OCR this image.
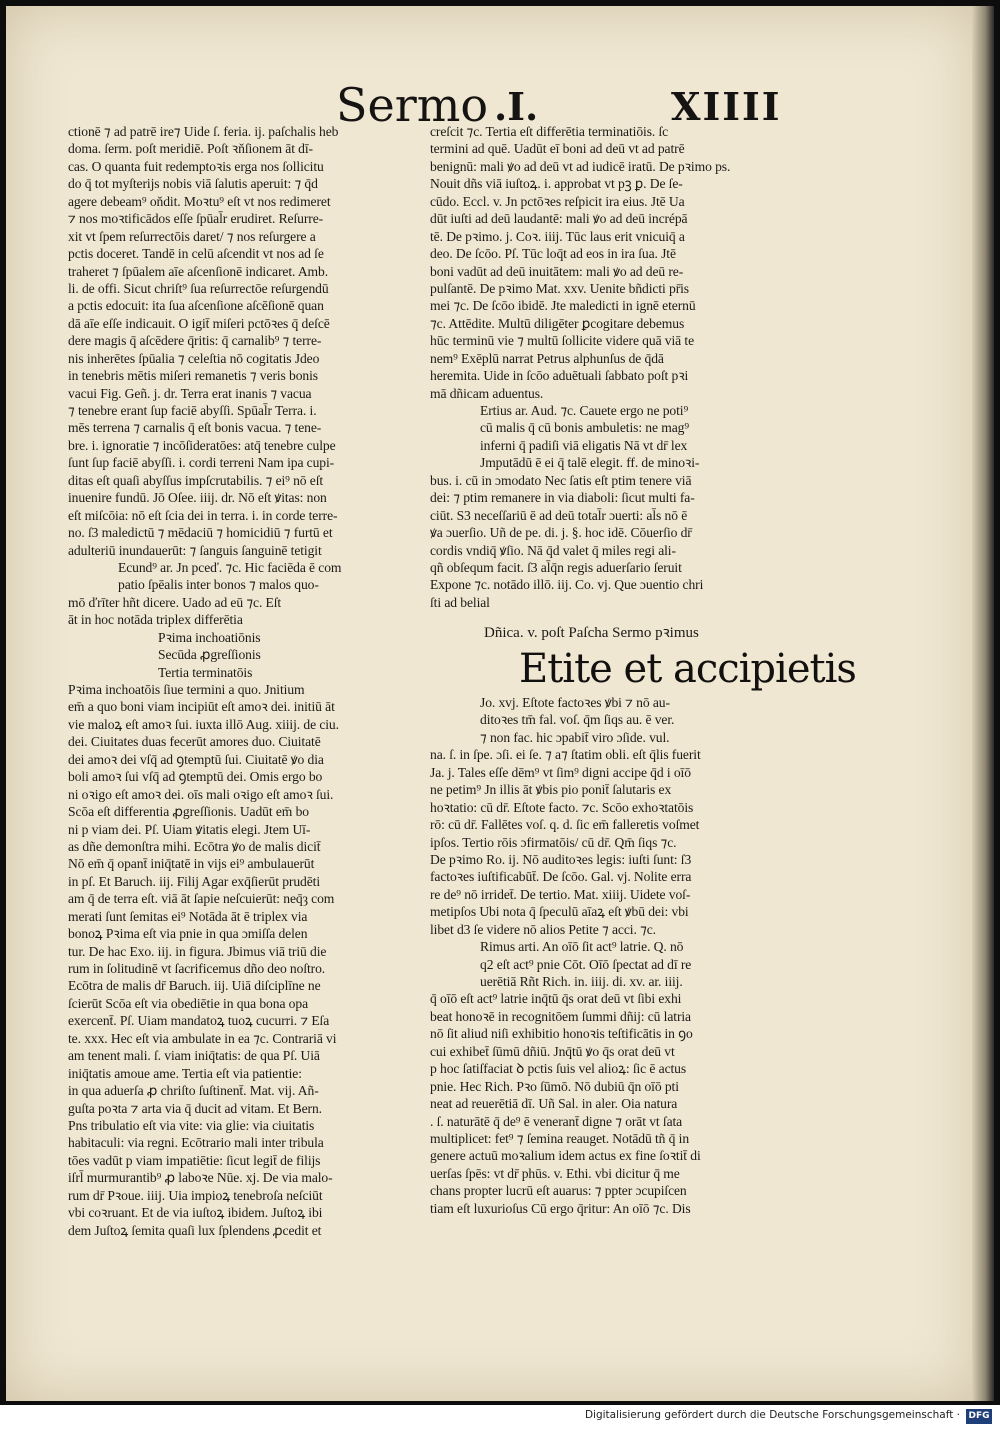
Sermo .I.	XIIII
ctionē ⁊ ad patrē ire⁊ Uide ſ. feria. ij. paſchalis heb
doma. ſerm. poſt meridiē. Poſt ꝛňſionem āt dī-
cas. O quanta fuit redemptoꝛis erga nos ſollicitu
do q̄ tot myſterijs nobis viā ſalutis aperuit: ⁊ q̄d
agere debeam⁹ oňdit. Moꝛtu⁹ eſt vt nos redimeret
⁊ nos moꝛtificādos eſſe ſpūal̄r erudiret. Reſurre-
xit vt ſpem reſurrectōis daret/ ⁊ nos reſurgere a
pctis doceret. Tandē in celū aſcendit vt nos ad ſe
traheret ⁊ ſpūalem aīe aſcenſionē indicaret. Amb.
li. de offi. Sicut chriſt⁹ ſua reſurrectōe reſurgendū
a pctis edocuit: ita ſua aſcenſione aſcēſionē quan
dā aīe eſſe indicauit. O igit̄ miſeri pctōꝛes q̄ deſcē
dere magis q̄ aſcēdere q̄ritis: q̄ carnalib⁹ ⁊ terre-
nis inherētes ſpūalia ⁊ celeſtia nō cogitatis Jdeo
in tenebris mētis miſeri remanetis ⁊ veris bonis
vacui Fig. Geñ. j. dr. Terra erat inanis ⁊ vacua
⁊ tenebre erant ſup faciē abyſſi. Spūal̄r Terra. i.
mēs terrena ⁊ carnalis q̄ eſt bonis vacua. ⁊ tene-
bre. i. ignoratie ⁊ incōſideratōes: atq̄ tenebre culpe
ſunt ſup faciē abyſſi. i. cordi terreni Nam ipa cupi-
ditas eſt quaſi abyſſus impſcrutabilis. ⁊ ei⁹ nō eſt
inuenire fundū. Jō Oſee. iiij. dr. Nō eſt ꝟitas: non
eſt miſcōia: nō eſt ſcia dei in terra. i. in corde terre-
no. ſ3 maledictū ⁊ mēdaciū ⁊ homicidiū ⁊ furtū et
adulteriū inundauerūt: ⁊ ſanguis ſanguinē tetigit
Ecund⁹ ar. Jn pceď. ⁊c. Hic faciēda ē com
patio ſpēalis inter bonos ⁊ malos quo-
mō ďrīter hñt dicere. Uado ad eū ⁊c. Eſt
āt in hoc notāda triplex differētia
Pꝛima inchoatiōnis
Secūda ꝓgreſſionis
Tertia terminatōis
Pꝛima inchoatōis ſiue termini a quo. Jnitium
em̄ a quo boni viam incipiūt eſt amoꝛ dei. initiū āt
vie maloꝝ eſt amoꝛ ſui. iuxta illō Aug. xiiij. de ciu.
dei. Ciuitates duas fecerūt amores duo. Ciuitatē
dei amoꝛ dei vſq̄ ad ꝯtemptū ſui. Ciuitatē ꝟo dia
boli amoꝛ ſui vſq̄ ad ꝯtemptū dei. Omis ergo bo
ni oꝛigo eſt amoꝛ dei. oīs mali oꝛigo eſt amoꝛ ſui.
Scōa eſt differentia ꝓgreſſionis. Uadūt em̄ bo
ni p viam dei. Pſ. Uiam ꝟitatis elegi. Jtem Uī-
as dñe demonſtra mihi. Ecōtra ꝟo de malis dicit̄
Nō em̄ q̄ opant̄ iniq̄tatē in vijs ei⁹ ambulauerūt
in pſ. Et Baruch. iij. Filij Agar exq̄ſierūt prudēti
am q̄ de terra eſt. viā āt ſapie neſcuierūt: neq̄ȝ com
merati ſunt ſemitas ei⁹ Notāda āt ē triplex via
bonoꝝ Pꝛima eſt via pnie in qua ɔmiſſa delen
tur. De hac Exo. iij. in figura. Jbimus viā triū die
rum in ſolitudinē vt ſacrificemus dño deo noſtro.
Ecōtra de malis dr̄ Baruch. iij. Uiā diſciplīne ne
ſcierūt Scōa eſt via obediētie in qua bona opa
exercent̄. Pſ. Uiam mandatoꝝ tuoꝝ cucurri. ⁊ Eſa
te. xxx. Hec eſt via ambulate in ea ⁊c. Contrariā vi
am tenent mali. ſ. viam iniq̄tatis: de qua Pſ. Uiā
iniq̄tatis amoue ame. Tertia eſt via patientie:
in qua aduerſa ꝓ chriſto ſuſtinent̄. Mat. vij. Añ-
guſta poꝛta ⁊ arta via q̄ ducit ad vitam. Et Bern.
Pns tribulatio eſt via vite: via glie: via ciuitatis
habitaculi: via regni. Ecōtrario mali inter tribula
tōes vadūt p viam impatiētie: ſicut legit̄ de filijs
iſrl̄ murmurantib⁹ ꝓ laboꝛe Nūe. xj. De via malo-
rum dr̄ Pꝛoue. iiij. Uia impioꝝ tenebroſa neſciūt
vbi coꝛruant. Et de via iuſtoꝝ ibidem. Juſtoꝝ ibi
dem Juſtoꝝ ſemita quaſi lux ſplendens ꝓcedit et
creſcit ⁊c. Tertia eſt differētia terminatiōis. ſc
termini ad quē. Uadūt eī boni ad deū vt ad patrē
benignū: mali ꝟo ad deū vt ad iudicē iratū. De pꝛimo ps.
Nouit dñs viā iuſtoꝝ. i. approbat vt pꝫ ꝑ. De ſe-
cūdo. Eccl. v. Jn pctōꝛes reſpicit ira eius. Jtē Ua
dūt iuſti ad deū laudantē: mali ꝟo ad deū incrépā
tē. De pꝛimo. j. Coꝛ. iiij. Tūc laus erit vnicuiq̄ a
deo. De ſcōo. Pſ. Tūc loq̄t ad eos in ira ſua. Jtē
boni vadūt ad deū inuitātem: mali ꝟo ad deū re-
pulſantē. De pꝛimo Mat. xxv. Uenite bñdicti pr̄is
mei ⁊c. De ſcōo ibidē. Jte maledicti in ignē eternū
⁊c. Attēdite. Multū diligēter ꝑcogitare debemus
hūc terminū vie ⁊ multū ſollicite videre quā viā te
nem⁹ Exēplū narrat Petrus alphunſus de q̄dā
heremita. Uide in ſcōo aduētuali ſabbato poſt pꝛi
mā dñicam aduentus.
Ertius ar. Aud. ⁊c. Cauete ergo ne poti⁹
cū malis q̄ cū bonis ambuletis: ne mag⁹
inferni q̄ padiſi viā eligatis Nā vt dr̄ lex
Jmputādū ē ei q̄ talē elegit. ff. de minoꝛi-
bus. i. cū in ɔmodato Nec ſatis eſt ptim tenere viā
dei: ⁊ ptim remanere in via diaboli: ſicut multi fa-
ciūt. S3 neceſſariū ē ad deū total̄r ɔuerti: al̄s nō ē
ꝟa ɔuerſio. Uñ de pe. di. j. §. hoc idē. Cōuerſio dr̄
cordis vndiq̄ ꝟſio. Nā q̄d valet q̄ miles regi ali-
qñ obſequm facit. ſ3 al̄q̄n regis aduerſario ſeruit
Expone ⁊c. notādo illō. iij. Co. vj. Que ɔuentio chri
ſti ad belial
Dñica. v. poſt Paſcha Sermo pꝛimus
Etite et accipietis
Jo. xvj. Eſtote factoꝛes ꝟbi ⁊ nō au-
ditoꝛes tm̄ fal. voſ. q̄m ſiqs au. ē ver.
⁊ non fac. hic ɔpabit̄ viro ɔſide. vul.
na. ſ. in ſpe. ɔſi. ei ſe. ⁊ a⁊ ſtatim obli. eſt q̄lis fuerit
Ja. j. Tales eſſe dēm⁹ vt ſim⁹ digni accipe q̄d i oīō
ne petim⁹ Jn illis āt ꝟbis pio ponit̄ ſalutaris ex
hoꝛtatio: cū dr̄. Eſtote facto. ⁊c. Scōo exhoꝛtatōis
rō: cū dr̄. Fallētes voſ. q. d. ſic em̄ falleretis voſmet
ipſos. Tertio rōis ɔfirmatōis/ cū dr̄. Qm̄ ſiqs ⁊c.
De pꝛimo Ro. ij. Nō auditoꝛes legis: iuſti ſunt: ſ3
factoꝛes iuſtificabūt̄. De ſcōo. Gal. vj. Nolite erra
re de⁹ nō irridet̄. De tertio. Mat. xiiij. Uidete voſ-
metipſos Ubi nota q̄ ſpeculū aīaꝝ eſt ꝟbū dei: vbi
libet d3 ſe videre nō alios Petite ⁊ acci. ⁊c.
Rimus arti. An oīō ſit act⁹ latrie. Q. nō
q2 eſt act⁹ pnie Cōt. Oīō ſpectat ad dī re
uerētiā Rñt Rich. in. iiij. di. xv. ar. iiij.
q̄ oīō eſt act⁹ latrie inq̄tū q̄s orat deū vt ſibi exhi
beat honoꝛē in recognitōem ſummi dñij: cū latria
nō ſit aliud niſi exhibitio honoꝛis teſtificātis in ꝯo
cui exhibet̄ ſūmū dñiū. Jnq̄tū ꝟo q̄s orat deū vt
p hoc ſatiſfaciat ꝺ pctis ſuis vel alioꝝ: ſic ē actus
pnie. Hec Rich. Pꝛo ſūmō. Nō dubiū q̄n oīō pti
neat ad reuerētiā dī. Uñ Sal. in aler. Oia natura
. ſ. naturātē q̄ de⁹ ē venerant̄ digne ⁊ orāt vt ſata
multiplicet: fet⁹ ⁊ ſemina reauget. Notādū tñ q̄ in
genere actuū moꝛalium idem actus ex fine ſoꝛtit̄ di
uerſas ſpēs: vt dr̄ phūs. v. Ethi. vbi dicitur q̄ me
chans propter lucrū eſt auarus: ⁊ ppter ɔcupiſcen
tiam eſt luxurioſus Cū ergo q̄ritur: An oīō ⁊c. Dis
Digitalisierung gefördert durch die Deutsche Forschungsgemeinschaft · DFG
